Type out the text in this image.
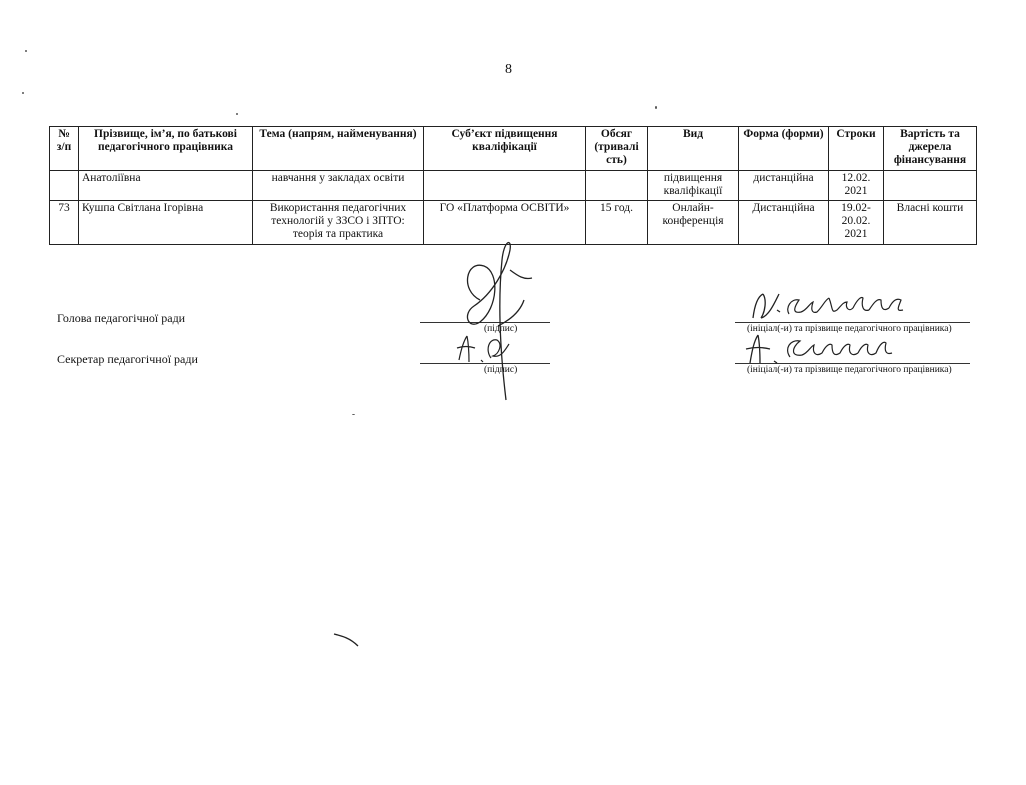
8
№ з/п	Прізвище, ім’я, по батькові педагогічного працівника	Тема (напрям, найменування)	Суб’єкт підвищення кваліфікації	Обсяг (тривалі сть)	Вид	Форма (форми)	Строки	Вартість та джерела фінансування
	Анатоліївна	навчання у закладах освіти			підвищення кваліфікації	дистанційна	12.02. 2021	
73	Кушпа Світлана Ігорівна	Використання педагогічних технологій у ЗЗСО і ЗПТО: теорія та практика	ГО «Платформа ОСВІТИ»	15 год.	Онлайн-конференція	Дистанційна	19.02-20.02. 2021	Власні кошти
Голова педагогічної ради
Секретар педагогічної ради
(підпис)
(підпис)
(ініціал(-и) та прізвище педагогічного працівника)
(ініціал(-и) та прізвище педагогічного працівника)
